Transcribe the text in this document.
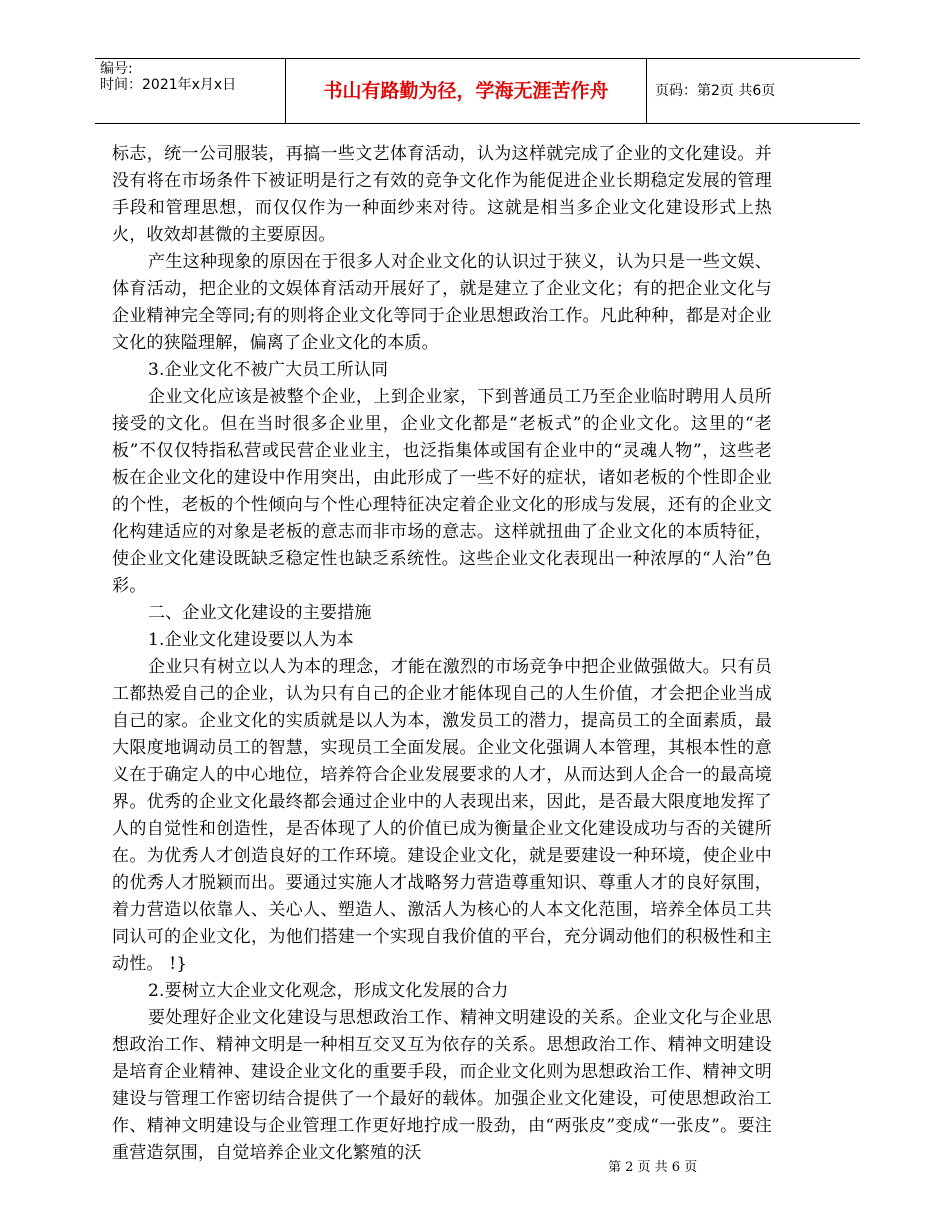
编号:
时间：2021年x月x日	书山有路勤为径，学海无涯苦作舟	页码：第2页 共6页

标志，统一公司服装，再搞一些文艺体育活动，认为这样就完成了企业的文化建设。并没有将在市场条件下被证明是行之有效的竞争文化作为能促进企业长期稳定发展的管理手段和管理思想，而仅仅作为一种面纱来对待。这就是相当多企业文化建设形式上热火，收效却甚微的主要原因。

产生这种现象的原因在于很多人对企业文化的认识过于狭义，认为只是一些文娱、体育活动，把企业的文娱体育活动开展好了，就是建立了企业文化；有的把企业文化与企业精神完全等同;有的则将企业文化等同于企业思想政治工作。凡此种种，都是对企业文化的狭隘理解，偏离了企业文化的本质。

3.企业文化不被广大员工所认同

企业文化应该是被整个企业，上到企业家，下到普通员工乃至企业临时聘用人员所接受的文化。但在当时很多企业里，企业文化都是“老板式”的企业文化。这里的“老板”不仅仅特指私营或民营企业业主，也泛指集体或国有企业中的“灵魂人物”，这些老板在企业文化的建设中作用突出，由此形成了一些不好的症状，诸如老板的个性即企业的个性，老板的个性倾向与个性心理特征决定着企业文化的形成与发展，还有的企业文化构建适应的对象是老板的意志而非市场的意志。这样就扭曲了企业文化的本质特征，使企业文化建设既缺乏稳定性也缺乏系统性。这些企业文化表现出一种浓厚的“人治”色彩。

二、企业文化建设的主要措施

1.企业文化建设要以人为本

企业只有树立以人为本的理念，才能在激烈的市场竞争中把企业做强做大。只有员工都热爱自己的企业，认为只有自己的企业才能体现自己的人生价值，才会把企业当成自己的家。企业文化的实质就是以人为本，激发员工的潜力，提高员工的全面素质，最大限度地调动员工的智慧，实现员工全面发展。企业文化强调人本管理，其根本性的意义在于确定人的中心地位，培养符合企业发展要求的人才，从而达到人企合一的最高境界。优秀的企业文化最终都会通过企业中的人表现出来，因此，是否最大限度地发挥了人的自觉性和创造性，是否体现了人的价值已成为衡量企业文化建设成功与否的关键所在。为优秀人才创造良好的工作环境。建设企业文化，就是要建设一种环境，使企业中的优秀人才脱颖而出。要通过实施人才战略努力营造尊重知识、尊重人才的良好氛围，着力营造以依靠人、关心人、塑造人、激活人为核心的人本文化范围，培养全体员工共同认可的企业文化，为他们搭建一个实现自我价值的平台，充分调动他们的积极性和主动性。 !}

2.要树立大企业文化观念，形成文化发展的合力

要处理好企业文化建设与思想政治工作、精神文明建设的关系。企业文化与企业思想政治工作、精神文明是一种相互交叉互为依存的关系。思想政治工作、精神文明建设是培育企业精神、建设企业文化的重要手段，而企业文化则为思想政治工作、精神文明建设与管理工作密切结合提供了一个最好的载体。加强企业文化建设，可使思想政治工作、精神文明建设与企业管理工作更好地拧成一股劲，由“两张皮”变成“一张皮”。要注重营造氛围，自觉培养企业文化繁殖的沃

第 2 页 共 6 页
